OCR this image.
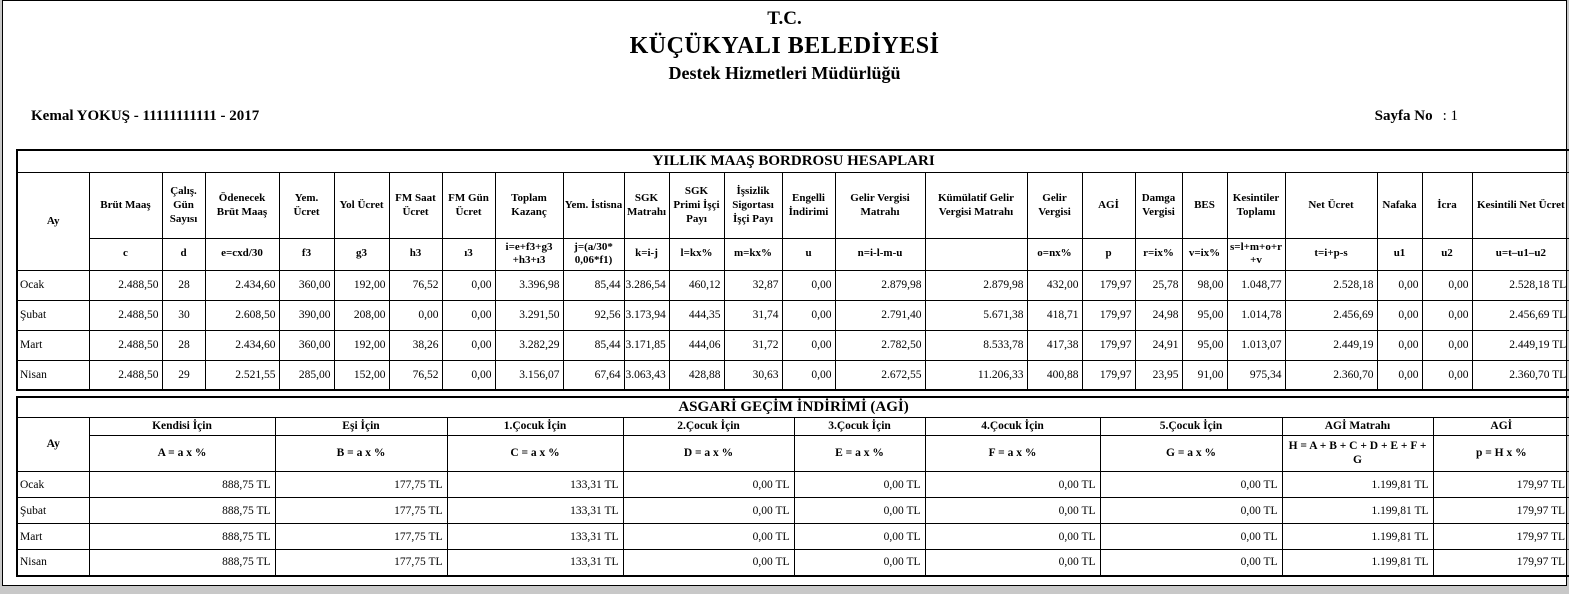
T.C.
KÜÇÜKYALI BELEDİYESİ
Destek Hizmetleri Müdürlüğü
Kemal YOKUŞ - 11111111111 - 2017	Sayfa No : 1
YILLIK MAAŞ BORDROSU HESAPLARI																								
Ay	Brüt Maaş	Çalış. Gün Sayısı	Ödenecek Brüt Maaş	Yem. Ücret	Yol Ücret	FM Saat Ücret	FM Gün Ücret	Toplam Kazanç	Yem. İstisna	SGK Matrahı	SGK Primi İşçi Payı	İşsizlik Sigortası İşçi Payı	Engelli İndirimi	Gelir Vergisi Matrahı	Kümülatif Gelir Vergisi Matrahı	Gelir Vergisi	AGİ	Damga Vergisi	BES	Kesintiler Toplamı	Net Ücret	Nafaka	İcra	Kesintili Net Ücret
	c	d	e=cxd/30	f3	g3	h3	ı3	i=e+f3+g3 +h3+ı3	j=(a/30* 0,06*f1)	k=i-j	l=kx%	m=kx%	u	n=i-l-m-u		o=nx%	p	r=ix%	v=ix%	s=l+m+o+r +v	t=i+p-s	u1	u2	u=t–u1–u2
Ocak	2.488,50	28	2.434,60	360,00	192,00	76,52	0,00	3.396,98	85,44	3.286,54	460,12	32,87	0,00	2.879,98	2.879,98	432,00	179,97	25,78	98,00	1.048,77	2.528,18	0,00	0,00	2.528,18 TL
Şubat	2.488,50	30	2.608,50	390,00	208,00	0,00	0,00	3.291,50	92,56	3.173,94	444,35	31,74	0,00	2.791,40	5.671,38	418,71	179,97	24,98	95,00	1.014,78	2.456,69	0,00	0,00	2.456,69 TL
Mart	2.488,50	28	2.434,60	360,00	192,00	38,26	0,00	3.282,29	85,44	3.171,85	444,06	31,72	0,00	2.782,50	8.533,78	417,38	179,97	24,91	95,00	1.013,07	2.449,19	0,00	0,00	2.449,19 TL
Nisan	2.488,50	29	2.521,55	285,00	152,00	76,52	0,00	3.156,07	67,64	3.063,43	428,88	30,63	0,00	2.672,55	11.206,33	400,88	179,97	23,95	91,00	975,34	2.360,70	0,00	0,00	2.360,70 TL
ASGARİ GEÇİM İNDİRİMİ (AGİ)									
Ay	Kendisi İçin	Eşi İçin	1.Çocuk İçin	2.Çocuk İçin	3.Çocuk İçin	4.Çocuk İçin	5.Çocuk İçin	AGİ Matrahı	AGİ
	A = a x %	B = a x %	C = a x %	D = a x %	E = a x %	F = a x %	G = a x %	H = A + B + C + D + E + F + G	p = H x %
Ocak	888,75 TL	177,75 TL	133,31 TL	0,00 TL	0,00 TL	0,00 TL	0,00 TL	1.199,81 TL	179,97 TL
Şubat	888,75 TL	177,75 TL	133,31 TL	0,00 TL	0,00 TL	0,00 TL	0,00 TL	1.199,81 TL	179,97 TL
Mart	888,75 TL	177,75 TL	133,31 TL	0,00 TL	0,00 TL	0,00 TL	0,00 TL	1.199,81 TL	179,97 TL
Nisan	888,75 TL	177,75 TL	133,31 TL	0,00 TL	0,00 TL	0,00 TL	0,00 TL	1.199,81 TL	179,97 TL
